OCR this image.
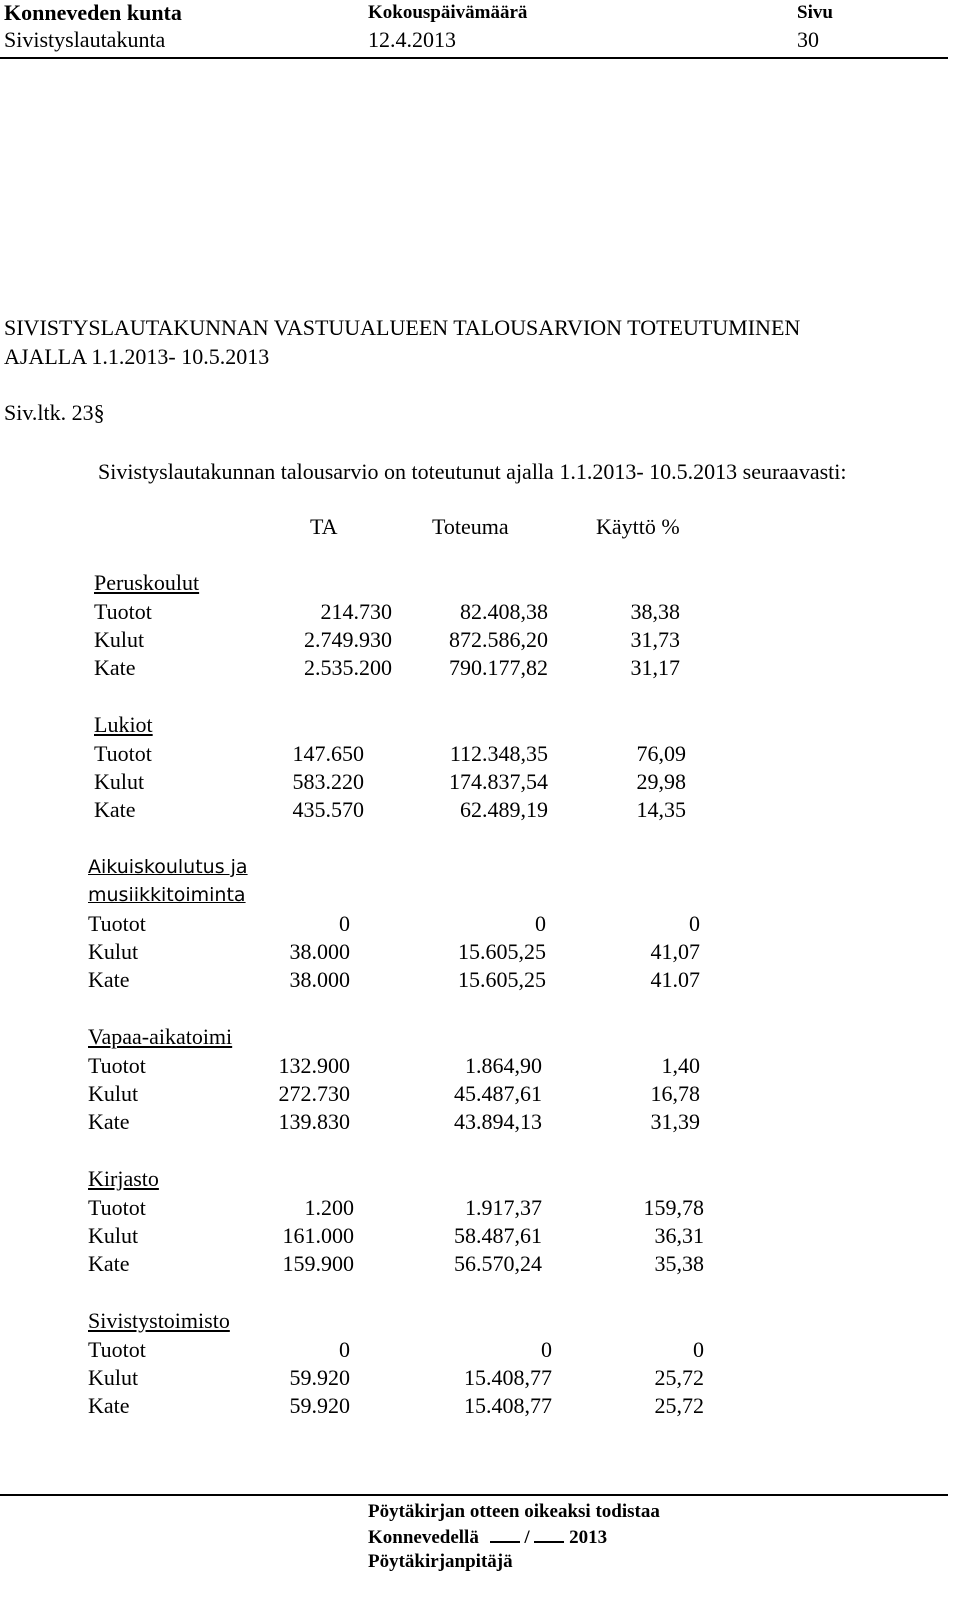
Konneveden kunta
Sivistyslautakunta
Kokouspäivämäärä
12.4.2013
Sivu
30
SIVISTYSLAUTAKUNNAN VASTUUALUEEN TALOUSARVION TOTEUTUMINEN
AJALLA 1.1.2013- 10.5.2013
Siv.ltk. 23§
Sivistyslautakunnan talousarvio on toteutunut ajalla 1.1.2013- 10.5.2013 seuraavasti:
TA	Toteuma	Käyttö %
Peruskoulut
Tuotot	214.730	82.408,38	38,38
Kulut	2.749.930	872.586,20	31,73
Kate	2.535.200	790.177,82	31,17
Lukiot
Tuotot	147.650	112.348,35	76,09
Kulut	583.220	174.837,54	29,98
Kate	435.570	62.489,19	14,35
Aikuiskoulutus ja
musiikkitoiminta
Tuotot	0	0	0
Kulut	38.000	15.605,25	41,07
Kate	38.000	15.605,25	41.07
Vapaa-aikatoimi
Tuotot	132.900	1.864,90	1,40
Kulut	272.730	45.487,61	16,78
Kate	139.830	43.894,13	31,39
Kirjasto
Tuotot	1.200	1.917,37	159,78
Kulut	161.000	58.487,61	36,31
Kate	159.900	56.570,24	35,38
Sivistystoimisto
Tuotot	0	0	0
Kulut	59.920	15.408,77	25,72
Kate	59.920	15.408,77	25,72
Pöytäkirjan otteen oikeaksi todistaa
Konnevedellä / 2013
Pöytäkirjanpitäjä
